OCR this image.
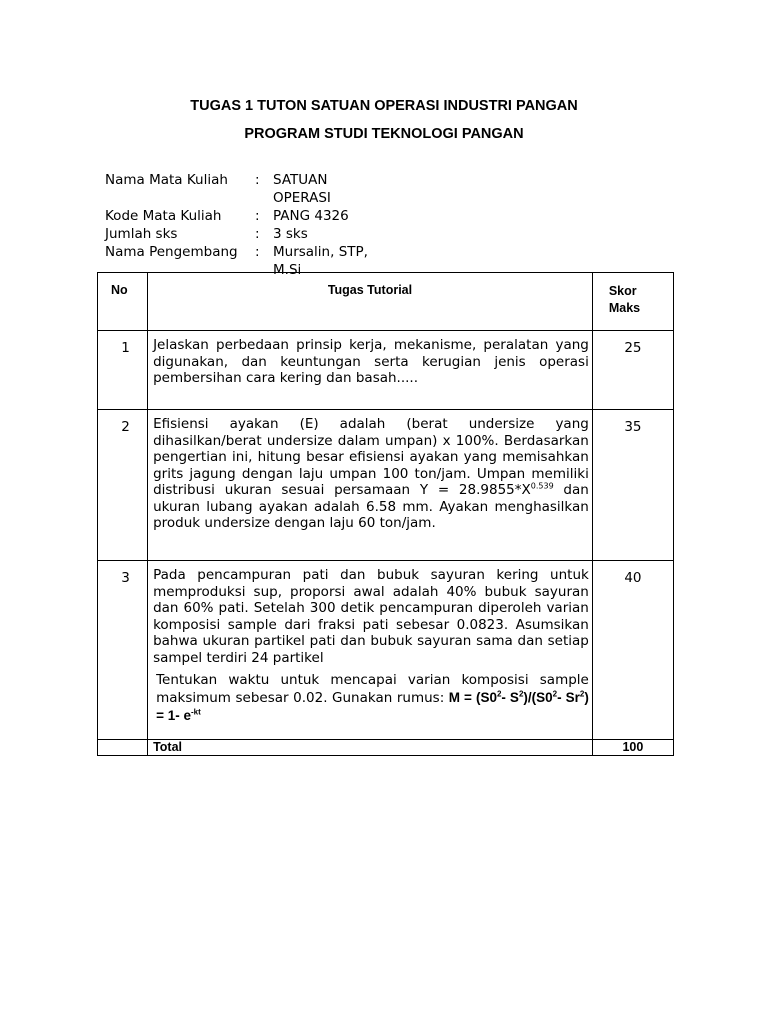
TUGAS 1 TUTON SATUAN OPERASI INDUSTRI PANGAN
PROGRAM STUDI TEKNOLOGI PANGAN
Nama Mata Kuliah	:	SATUAN OPERASI
Kode Mata Kuliah	:	PANG 4326
Jumlah sks	:	3 sks
Nama Pengembang	:	Mursalin, STP, M.Si
No	Tugas Tutorial	Skor
Maks

1	Jelaskan perbedaan prinsip kerja, mekanisme, peralatan yang digunakan, dan keuntungan serta kerugian jenis operasi pembersihan cara kering dan basah.....	25
2	Efisiensi ayakan (E) adalah (berat undersize yang dihasilkan/berat undersize dalam umpan) x 100%. Berdasarkan pengertian ini, hitung besar efisiensi ayakan yang memisahkan grits jagung dengan laju umpan 100 ton/jam. Umpan memiliki distribusi ukuran sesuai persamaan $Y = 28.9855*X^{0.539}$ dan ukuran lubang ayakan adalah 6.58 mm. Ayakan menghasilkan produk undersize dengan laju 60 ton/jam.	35
3	Pada pencampuran pati dan bubuk sayuran kering untuk memproduksi sup, proporsi awal adalah 40% bubuk sayuran dan 60% pati. Setelah 300 detik pencampuran diperoleh varian komposisi sample dari fraksi pati sebesar 0.0823. Asumsikan bahwa ukuran partikel pati dan bubuk sayuran sama dan setiap sampel terdiri 24 partikel

Tentukan waktu untuk mencapai varian komposisi sample maksimum sebesar 0.02. Gunakan rumus: $M = (S0^2-$ $S^2)/(S0^2-$ $Sr^2) = 1-$ $e^{-kt}$	40
	Total	100
